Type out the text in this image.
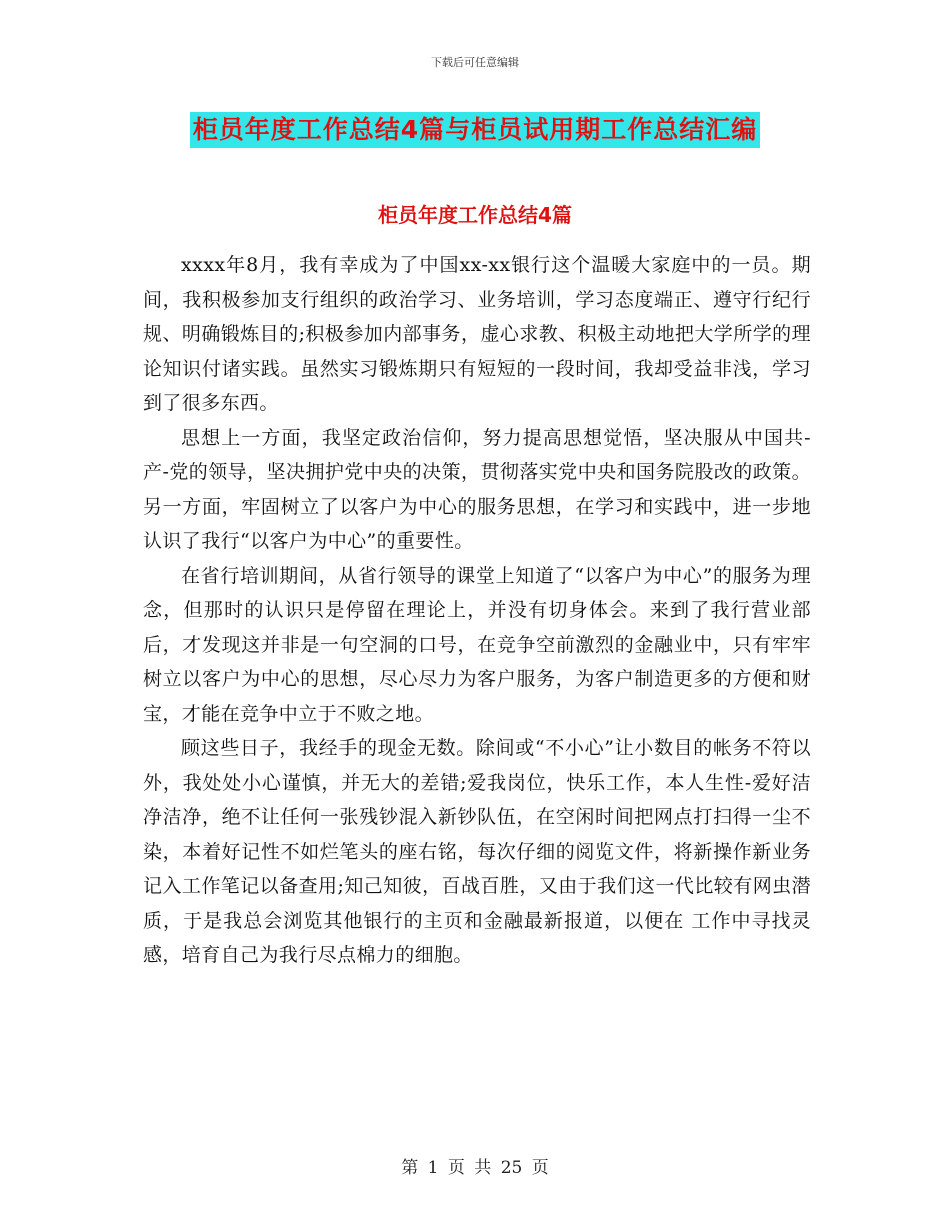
下载后可任意编辑
柜员年度工作总结4篇与柜员试用期工作总结汇编
柜员年度工作总结4篇

xxxx年8月，我有幸成为了中国xx-xx银行这个温暖大家庭中的一员。期间，我积极参加支行组织的政治学习、业务培训，学习态度端正、遵守行纪行规、明确锻炼目的;积极参加内部事务，虚心求教、积极主动地把大学所学的理论知识付诸实践。虽然实习锻炼期只有短短的一段时间，我却受益非浅，学习到了很多东西。

思想上一方面，我坚定政治信仰，努力提高思想觉悟，坚决服从中国共-产-党的领导，坚决拥护党中央的决策，贯彻落实党中央和国务院股改的政策。另一方面，牢固树立了以客户为中心的服务思想，在学习和实践中，进一步地认识了我行“以客户为中心”的重要性。

在省行培训期间，从省行领导的课堂上知道了“以客户为中心”的服务为理念，但那时的认识只是停留在理论上，并没有切身体会。来到了我行营业部后，才发现这并非是一句空洞的口号，在竞争空前激烈的金融业中，只有牢牢树立以客户为中心的思想，尽心尽力为客户服务，为客户制造更多的方便和财宝，才能在竞争中立于不败之地。

顾这些日子，我经手的现金无数。除间或“不小心”让小数目的帐务不符以外，我处处小心谨慎，并无大的差错;爱我岗位，快乐工作，本人生性-爱好洁净洁净，绝不让任何一张残钞混入新钞队伍，在空闲时间把网点打扫得一尘不染，本着好记性不如烂笔头的座右铭，每次仔细的阅览文件，将新操作新业务记入工作笔记以备查用;知己知彼，百战百胜，又由于我们这一代比较有网虫潜质，于是我总会浏览其他银行的主页和金融最新报道，以便在 工作中寻找灵感，培育自己为我行尽点棉力的细胞。

第 1 页 共 25 页
